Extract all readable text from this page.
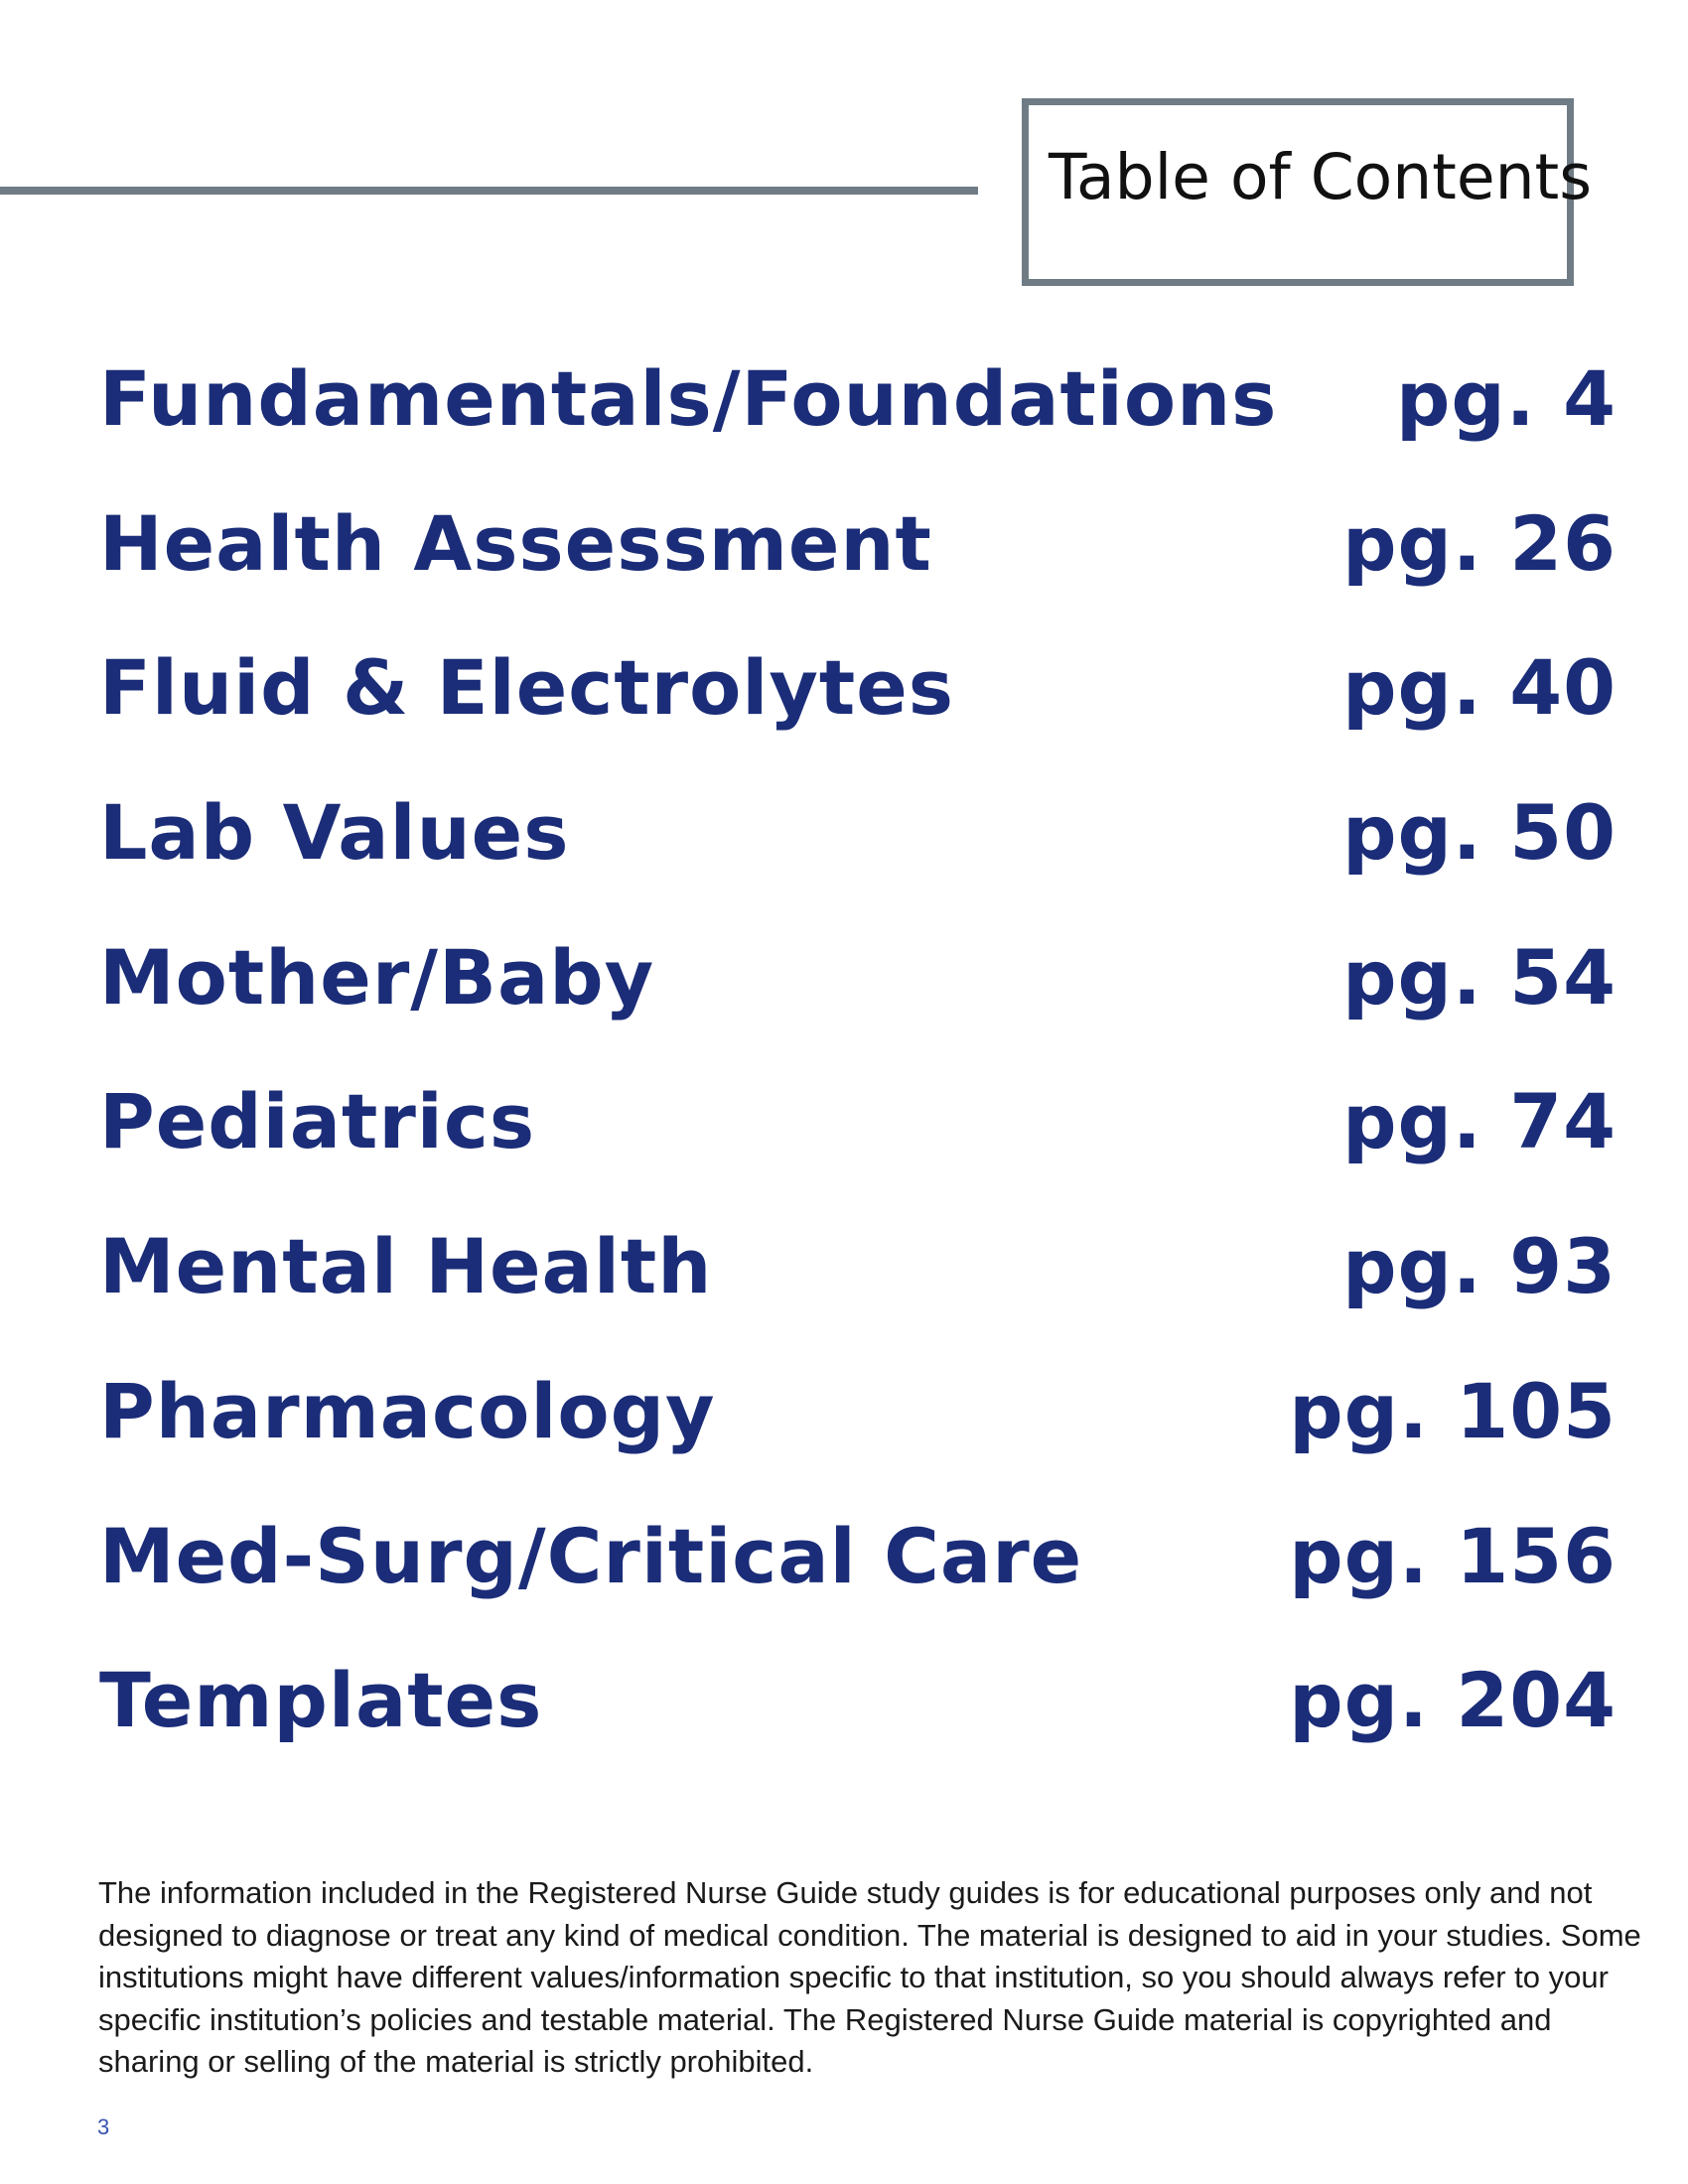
Table of Contents
Fundamentals/Foundations pg. 4
Health Assessment	pg. 26
Fluid & Electrolytes	pg. 40
Lab Values	pg. 50
Mother/Baby	pg. 54
Pediatrics	pg. 74
Mental Health	pg. 93
Pharmacology	pg. 105
Med-Surg/Critical Care	pg. 156
Templates	pg. 204

The information included in the Registered Nurse Guide study guides is for educational purposes only and not designed to diagnose or treat any kind of medical condition. The material is designed to aid in your studies. Some institutions might have different values/information specific to that institution, so you should always refer to your specific institution’s policies and testable material. The Registered Nurse Guide material is copyrighted and sharing or selling of the material is strictly prohibited.

3
